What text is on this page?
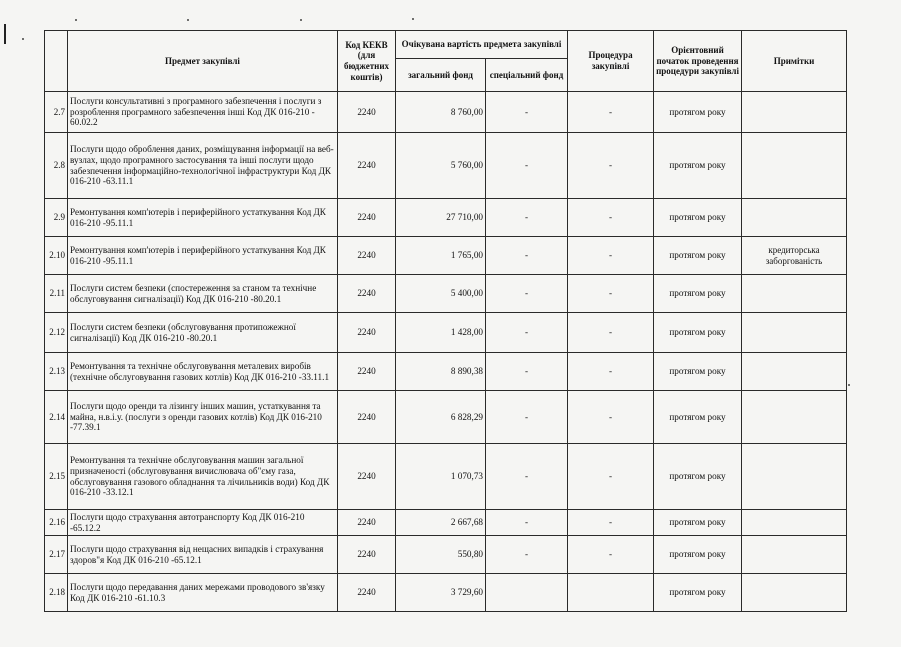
	Предмет закупівлі	Код КЕКВ (для бюджетних коштів)	Очікувана вартість предмета закупівлі		Процедура закупівлі	Орієнтовний початок проведення процедури закупівлі	Примітки
			загальний фонд	спеціальний фонд			
2.7	Послуги консультативні з програмного забезпечення і послуги з розроблення програмного забезпечення інші Код ДК 016-210 - 60.02.2	2240	8 760,00	-	-	протягом року	
2.8	Послуги щодо оброблення даних, розміщування інформації на веб-вузлах, щодо програмного застосування та інші послуги щодо забезпечення інформаційно-технологічної інфраструктури Код ДК 016-210 -63.11.1	2240	5 760,00	-	-	протягом року	
2.9	Ремонтування комп'ютерів і периферійного устаткування Код ДК 016-210 -95.11.1	2240	27 710,00	-	-	протягом року	
2.10	Ремонтування комп'ютерів і периферійного устаткування Код ДК 016-210 -95.11.1	2240	1 765,00	-	-	протягом року	кредиторська заборгованість
2.11	Послуги систем безпеки (спостереження за станом та технічне обслуговування сигналізації) Код ДК 016-210 -80.20.1	2240	5 400,00	-	-	протягом року	
2.12	Послуги систем безпеки (обслуговування протипожежної сигналізації) Код ДК 016-210 -80.20.1	2240	1 428,00	-	-	протягом року	
2.13	Ремонтування та технічне обслуговування металевих виробів (технічне обслуговування газових котлів) Код ДК 016-210 -33.11.1	2240	8 890,38	-	-	протягом року	
2.14	Послуги щодо оренди та лізингу інших машин, устаткування та майна, н.в.і.у. (послуги з оренди газових котлів) Код ДК 016-210 -77.39.1	2240	6 828,29	-	-	протягом року	
2.15	Ремонтування та технічне обслуговування машин загальної призначеності (обслуговування вичислювача об"єму газа, обслуговування газового обладнання та лічильників води) Код ДК 016-210 -33.12.1	2240	1 070,73	-	-	протягом року	
2.16	Послуги щодо страхування автотранспорту Код ДК 016-210 -65.12.2	2240	2 667,68	-	-	протягом року	
2.17	Послуги щодо страхування від нещасних випадків і страхування здоров"я Код ДК 016-210 -65.12.1	2240	550,80	-	-	протягом року	
2.18	Послуги щодо передавання даних мережами проводового зв'язку Код ДК 016-210 -61.10.3	2240	3 729,60			протягом року	
